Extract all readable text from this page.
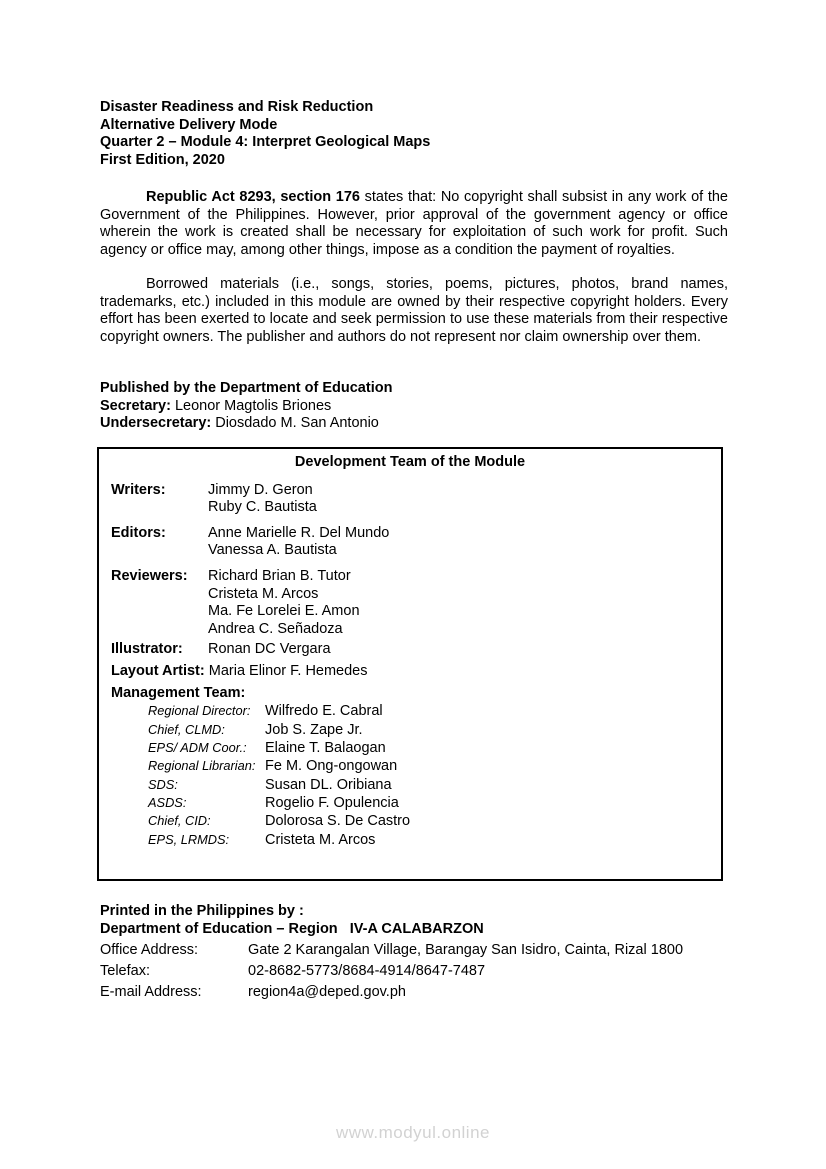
Disaster Readiness and Risk Reduction
Alternative Delivery Mode
Quarter 2 – Module 4: Interpret Geological Maps
First Edition, 2020
Republic Act 8293, section 176 states that: No copyright shall subsist in any work of the Government of the Philippines. However, prior approval of the government agency or office wherein the work is created shall be necessary for exploitation of such work for profit. Such agency or office may, among other things, impose as a condition the payment of royalties.
Borrowed materials (i.e., songs, stories, poems, pictures, photos, brand names, trademarks, etc.) included in this module are owned by their respective copyright holders. Every effort has been exerted to locate and seek permission to use these materials from their respective copyright owners. The publisher and authors do not represent nor claim ownership over them.
Published by the Department of Education
Secretary: Leonor Magtolis Briones
Undersecretary: Diosdado M. San Antonio
Development Team of the Module
Writers:	Jimmy D. Geron
Ruby C. Bautista
Editors:	Anne Marielle R. Del Mundo
Vanessa A. Bautista
Reviewers:	Richard Brian B. Tutor
Cristeta M. Arcos
Ma. Fe Lorelei E. Amon
Andrea C. Señadoza
Illustrator:	Ronan DC Vergara
Layout Artist: Maria Elinor F. Hemedes
Management Team:
Regional Director:	Wilfredo E. Cabral
Chief, CLMD:	Job S. Zape Jr.
EPS/ ADM Coor.:	Elaine T. Balaogan
Regional Librarian: Fe M. Ong-ongowan
SDS:	Susan DL. Oribiana
ASDS:	Rogelio F. Opulencia
Chief, CID:	Dolorosa S. De Castro
EPS, LRMDS:	Cristeta M. Arcos
Printed in the Philippines by :
Department of Education – Region   IV-A CALABARZON
Office Address:	Gate 2 Karangalan Village, Barangay San Isidro, Cainta, Rizal 1800
Telefax:	02-8682-5773/8684-4914/8647-7487
E-mail Address:	region4a@deped.gov.ph
www.modyul.online
